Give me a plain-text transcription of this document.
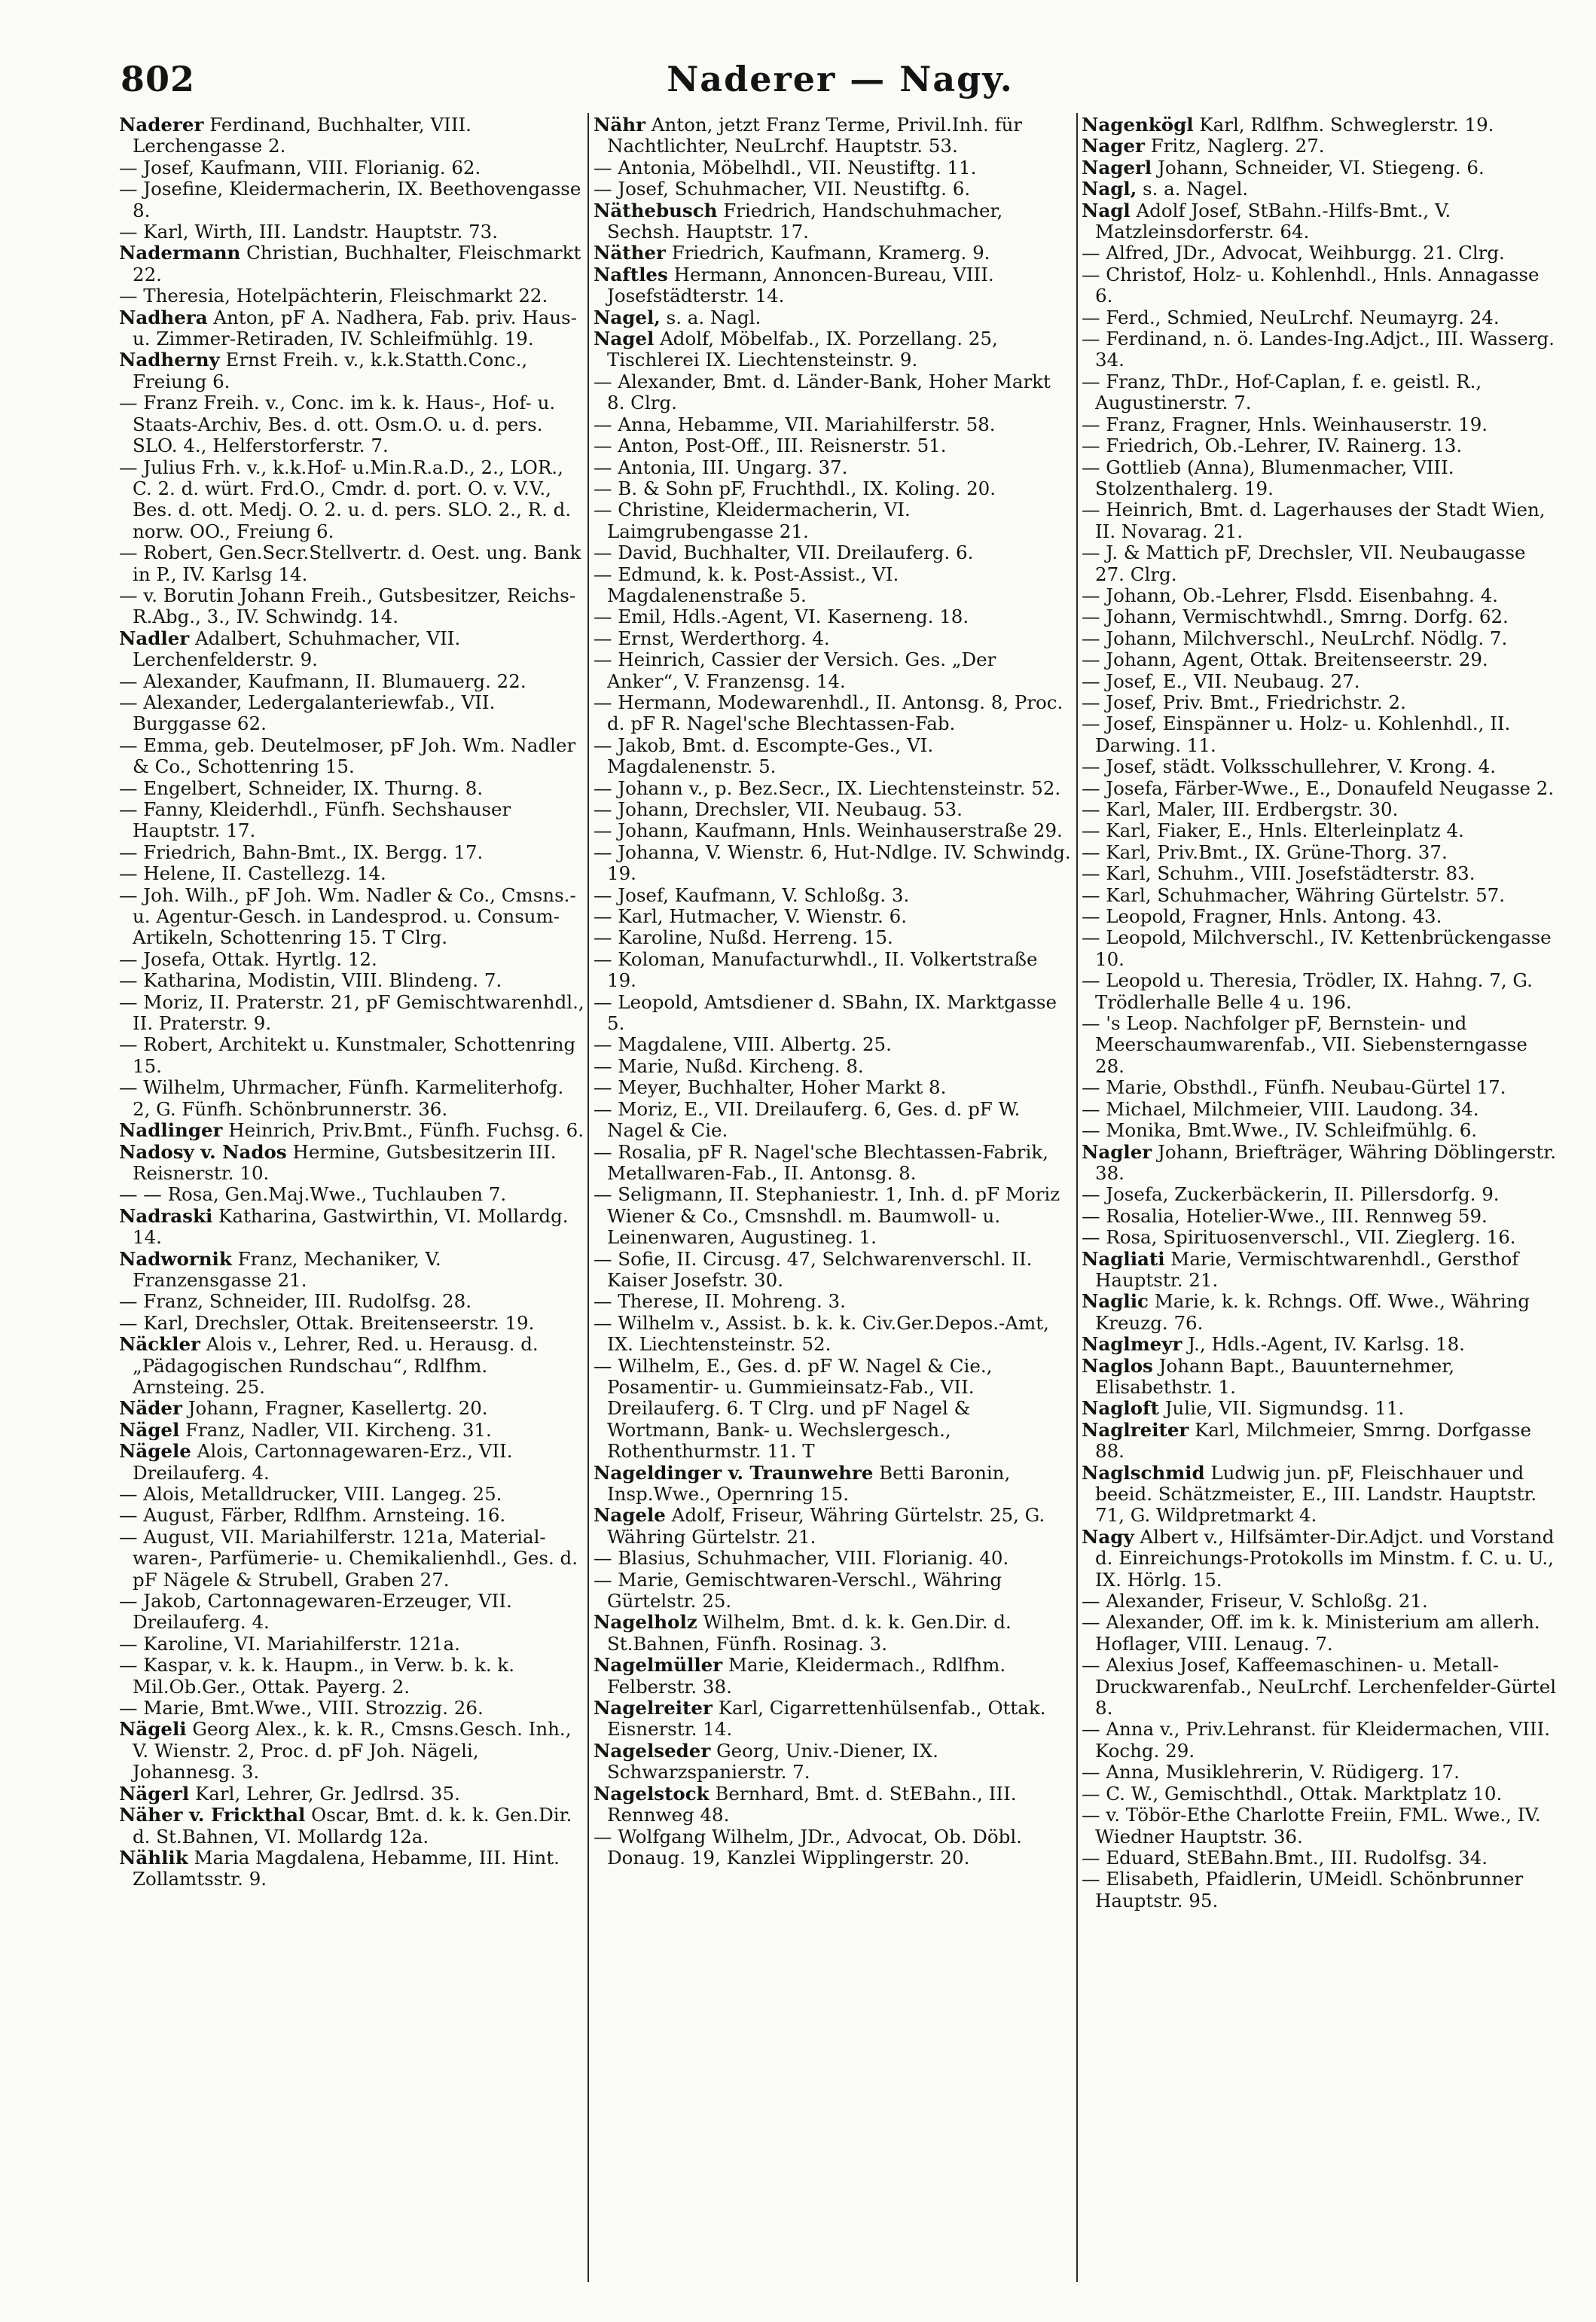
802	Naderer — Nagy.

Naderer Ferdinand, Buchhalter, VIII. Lerchengasse 2.

— Josef, Kaufmann, VIII. Florianig. 62.

— Josefine, Kleidermacherin, IX. Beethovengasse 8.

— Karl, Wirth, III. Landstr. Hauptstr. 73.

Nadermann Christian, Buchhalter, Fleischmarkt 22.

— Theresia, Hotelpächterin, Fleischmarkt 22.

Nadhera Anton, pF A. Nadhera, Fab. priv. Haus- u. Zimmer-Retiraden, IV. Schleifmühlg. 19.

Nadherny Ernst Freih. v., k.k.Statth.Conc., Freiung 6.

— Franz Freih. v., Conc. im k. k. Haus-, Hof- u. Staats-Archiv, Bes. d. ott. Osm.O. u. d. pers. SLO. 4., Helferstorferstr. 7.

— Julius Frh. v., k.k.Hof- u.Min.R.a.D., 2., LOR., C. 2. d. würt. Frd.O., Cmdr. d. port. O. v. V.V., Bes. d. ott. Medj. O. 2. u. d. pers. SLO. 2., R. d. norw. OO., Freiung 6.

— Robert, Gen.Secr.Stellvertr. d. Oest. ung. Bank in P., IV. Karlsg 14.

— v. Borutin Johann Freih., Gutsbesitzer, Reichs-R.Abg., 3., IV. Schwindg. 14.

Nadler Adalbert, Schuhmacher, VII. Lerchenfelderstr. 9.

— Alexander, Kaufmann, II. Blumauerg. 22.

— Alexander, Ledergalanteriewfab., VII. Burggasse 62.

— Emma, geb. Deutelmoser, pF Joh. Wm. Nadler & Co., Schottenring 15.

— Engelbert, Schneider, IX. Thurng. 8.

— Fanny, Kleiderhdl., Fünfh. Sechshauser Hauptstr. 17.

— Friedrich, Bahn-Bmt., IX. Bergg. 17.

— Helene, II. Castellezg. 14.

— Joh. Wilh., pF Joh. Wm. Nadler & Co., Cmsns.- u. Agentur-Gesch. in Landesprod. u. Consum-Artikeln, Schottenring 15. T Clrg.

— Josefa, Ottak. Hyrtlg. 12.

— Katharina, Modistin, VIII. Blindeng. 7.

— Moriz, II. Praterstr. 21, pF Gemischtwarenhdl., II. Praterstr. 9.

— Robert, Architekt u. Kunstmaler, Schottenring 15.

— Wilhelm, Uhrmacher, Fünfh. Karmeliterhofg. 2, G. Fünfh. Schönbrunnerstr. 36.

Nadlinger Heinrich, Priv.Bmt., Fünfh. Fuchsg. 6.

Nadosy v. Nados Hermine, Gutsbesitzerin III. Reisnerstr. 10.

— — Rosa, Gen.Maj.Wwe., Tuchlauben 7.

Nadraski Katharina, Gastwirthin, VI. Mollardg. 14.

Nadwornik Franz, Mechaniker, V. Franzensgasse 21.

— Franz, Schneider, III. Rudolfsg. 28.

— Karl, Drechsler, Ottak. Breitenseerstr. 19.

Näckler Alois v., Lehrer, Red. u. Herausg. d. „Pädagogischen Rundschau“, Rdlfhm. Arnsteing. 25.

Näder Johann, Fragner, Kasellertg. 20.

Nägel Franz, Nadler, VII. Kircheng. 31.

Nägele Alois, Cartonnagewaren-Erz., VII. Dreilauferg. 4.

— Alois, Metalldrucker, VIII. Langeg. 25.

— August, Färber, Rdlfhm. Arnsteing. 16.

— August, VII. Mariahilferstr. 121a, Material-waren-, Parfümerie- u. Chemikalienhdl., Ges. d. pF Nägele & Strubell, Graben 27.

— Jakob, Cartonnagewaren-Erzeuger, VII. Dreilauferg. 4.

— Karoline, VI. Mariahilferstr. 121a.

— Kaspar, v. k. k. Haupm., in Verw. b. k. k. Mil.Ob.Ger., Ottak. Payerg. 2.

— Marie, Bmt.Wwe., VIII. Strozzig. 26.

Nägeli Georg Alex., k. k. R., Cmsns.Gesch. Inh., V. Wienstr. 2, Proc. d. pF Joh. Nägeli, Johannesg. 3.

Nägerl Karl, Lehrer, Gr. Jedlrsd. 35.

Näher v. Frickthal Oscar, Bmt. d. k. k. Gen.Dir. d. St.Bahnen, VI. Mollardg 12a.

Nählik Maria Magdalena, Hebamme, III. Hint. Zollamtsstr. 9.

Nähr Anton, jetzt Franz Terme, Privil.Inh. für Nachtlichter, NeuLrchf. Hauptstr. 53.

— Antonia, Möbelhdl., VII. Neustiftg. 11.

— Josef, Schuhmacher, VII. Neustiftg. 6.

Näthebusch Friedrich, Handschuhmacher, Sechsh. Hauptstr. 17.

Näther Friedrich, Kaufmann, Kramerg. 9.

Naftles Hermann, Annoncen-Bureau, VIII. Josefstädterstr. 14.

Nagel, s. a. Nagl.

Nagel Adolf, Möbelfab., IX. Porzellang. 25, Tischlerei IX. Liechtensteinstr. 9.

— Alexander, Bmt. d. Länder-Bank, Hoher Markt 8. Clrg.

— Anna, Hebamme, VII. Mariahilferstr. 58.

— Anton, Post-Off., III. Reisnerstr. 51.

— Antonia, III. Ungarg. 37.

— B. & Sohn pF, Fruchthdl., IX. Koling. 20.

— Christine, Kleidermacherin, VI. Laimgrubengasse 21.

— David, Buchhalter, VII. Dreilauferg. 6.

— Edmund, k. k. Post-Assist., VI. Magdalenenstraße 5.

— Emil, Hdls.-Agent, VI. Kaserneng. 18.

— Ernst, Werderthorg. 4.

— Heinrich, Cassier der Versich. Ges. „Der Anker“, V. Franzensg. 14.

— Hermann, Modewarenhdl., II. Antonsg. 8, Proc. d. pF R. Nagel'sche Blechtassen-Fab.

— Jakob, Bmt. d. Escompte-Ges., VI. Magdalenenstr. 5.

— Johann v., p. Bez.Secr., IX. Liechtensteinstr. 52.

— Johann, Drechsler, VII. Neubaug. 53.

— Johann, Kaufmann, Hnls. Weinhauserstraße 29.

— Johanna, V. Wienstr. 6, Hut-Ndlge. IV. Schwindg. 19.

— Josef, Kaufmann, V. Schloßg. 3.

— Karl, Hutmacher, V. Wienstr. 6.

— Karoline, Nußd. Herreng. 15.

— Koloman, Manufacturwhdl., II. Volkertstraße 19.

— Leopold, Amtsdiener d. SBahn, IX. Marktgasse 5.

— Magdalene, VIII. Albertg. 25.

— Marie, Nußd. Kircheng. 8.

— Meyer, Buchhalter, Hoher Markt 8.

— Moriz, E., VII. Dreilauferg. 6, Ges. d. pF W. Nagel & Cie.

— Rosalia, pF R. Nagel'sche Blechtassen-Fabrik, Metallwaren-Fab., II. Antonsg. 8.

— Seligmann, II. Stephaniestr. 1, Inh. d. pF Moriz Wiener & Co., Cmsnshdl. m. Baumwoll- u. Leinenwaren, Augustineg. 1.

— Sofie, II. Circusg. 47, Selchwarenverschl. II. Kaiser Josefstr. 30.

— Therese, II. Mohreng. 3.

— Wilhelm v., Assist. b. k. k. Civ.Ger.Depos.-Amt, IX. Liechtensteinstr. 52.

— Wilhelm, E., Ges. d. pF W. Nagel & Cie., Posamentir- u. Gummieinsatz-Fab., VII. Dreilauferg. 6. T Clrg. und pF Nagel & Wortmann, Bank- u. Wechslergesch., Rothenthurmstr. 11. T

Nageldinger v. Traunwehre Betti Baronin, Insp.Wwe., Opernring 15.

Nagele Adolf, Friseur, Währing Gürtelstr. 25, G. Währing Gürtelstr. 21.

— Blasius, Schuhmacher, VIII. Florianig. 40.

— Marie, Gemischtwaren-Verschl., Währing Gürtelstr. 25.

Nagelholz Wilhelm, Bmt. d. k. k. Gen.Dir. d. St.Bahnen, Fünfh. Rosinag. 3.

Nagelmüller Marie, Kleidermach., Rdlfhm. Felberstr. 38.

Nagelreiter Karl, Cigarrettenhülsenfab., Ottak. Eisnerstr. 14.

Nagelseder Georg, Univ.-Diener, IX. Schwarzspanierstr. 7.

Nagelstock Bernhard, Bmt. d. StEBahn., III. Rennweg 48.

— Wolfgang Wilhelm, JDr., Advocat, Ob. Döbl. Donaug. 19, Kanzlei Wipplingerstr. 20.

Nagenkögl Karl, Rdlfhm. Schweglerstr. 19.

Nager Fritz, Naglerg. 27.

Nagerl Johann, Schneider, VI. Stiegeng. 6.

Nagl, s. a. Nagel.

Nagl Adolf Josef, StBahn.-Hilfs-Bmt., V. Matzleinsdorferstr. 64.

— Alfred, JDr., Advocat, Weihburgg. 21. Clrg.

— Christof, Holz- u. Kohlenhdl., Hnls. Annagasse 6.

— Ferd., Schmied, NeuLrchf. Neumayrg. 24.

— Ferdinand, n. ö. Landes-Ing.Adjct., III. Wasserg. 34.

— Franz, ThDr., Hof-Caplan, f. e. geistl. R., Augustinerstr. 7.

— Franz, Fragner, Hnls. Weinhauserstr. 19.

— Friedrich, Ob.-Lehrer, IV. Rainerg. 13.

— Gottlieb (Anna), Blumenmacher, VIII. Stolzenthalerg. 19.

— Heinrich, Bmt. d. Lagerhauses der Stadt Wien, II. Novarag. 21.

— J. & Mattich pF, Drechsler, VII. Neubaugasse 27. Clrg.

— Johann, Ob.-Lehrer, Flsdd. Eisenbahng. 4.

— Johann, Vermischtwhdl., Smrng. Dorfg. 62.

— Johann, Milchverschl., NeuLrchf. Nödlg. 7.

— Johann, Agent, Ottak. Breitenseerstr. 29.

— Josef, E., VII. Neubaug. 27.

— Josef, Priv. Bmt., Friedrichstr. 2.

— Josef, Einspänner u. Holz- u. Kohlenhdl., II. Darwing. 11.

— Josef, städt. Volksschullehrer, V. Krong. 4.

— Josefa, Färber-Wwe., E., Donaufeld Neugasse 2.

— Karl, Maler, III. Erdbergstr. 30.

— Karl, Fiaker, E., Hnls. Elterleinplatz 4.

— Karl, Priv.Bmt., IX. Grüne-Thorg. 37.

— Karl, Schuhm., VIII. Josefstädterstr. 83.

— Karl, Schuhmacher, Währing Gürtelstr. 57.

— Leopold, Fragner, Hnls. Antong. 43.

— Leopold, Milchverschl., IV. Kettenbrückengasse 10.

— Leopold u. Theresia, Trödler, IX. Hahng. 7, G. Trödlerhalle Belle 4 u. 196.

— 's Leop. Nachfolger pF, Bernstein- und Meerschaumwarenfab., VII. Siebensterngasse 28.

— Marie, Obsthdl., Fünfh. Neubau-Gürtel 17.

— Michael, Milchmeier, VIII. Laudong. 34.

— Monika, Bmt.Wwe., IV. Schleifmühlg. 6.

Nagler Johann, Briefträger, Währing Döblingerstr. 38.

— Josefa, Zuckerbäckerin, II. Pillersdorfg. 9.

— Rosalia, Hotelier-Wwe., III. Rennweg 59.

— Rosa, Spirituosenverschl., VII. Zieglerg. 16.

Nagliati Marie, Vermischtwarenhdl., Gersthof Hauptstr. 21.

Naglic Marie, k. k. Rchngs. Off. Wwe., Währing Kreuzg. 76.

Naglmeyr J., Hdls.-Agent, IV. Karlsg. 18.

Naglos Johann Bapt., Bauunternehmer, Elisabethstr. 1.

Nagloft Julie, VII. Sigmundsg. 11.

Naglreiter Karl, Milchmeier, Smrng. Dorfgasse 88.

Naglschmid Ludwig jun. pF, Fleischhauer und beeid. Schätzmeister, E., III. Landstr. Hauptstr. 71, G. Wildpretmarkt 4.

Nagy Albert v., Hilfsämter-Dir.Adjct. und Vorstand d. Einreichungs-Protokolls im Minstm. f. C. u. U., IX. Hörlg. 15.

— Alexander, Friseur, V. Schloßg. 21.

— Alexander, Off. im k. k. Ministerium am allerh. Hoflager, VIII. Lenaug. 7.

— Alexius Josef, Kaffeemaschinen- u. Metall-Druckwarenfab., NeuLrchf. Lerchenfelder-Gürtel 8.

— Anna v., Priv.Lehranst. für Kleidermachen, VIII. Kochg. 29.

— Anna, Musiklehrerin, V. Rüdigerg. 17.

— C. W., Gemischthdl., Ottak. Marktplatz 10.

— v. Töbör-Ethe Charlotte Freiin, FML. Wwe., IV. Wiedner Hauptstr. 36.

— Eduard, StEBahn.Bmt., III. Rudolfsg. 34.

— Elisabeth, Pfaidlerin, UMeidl. Schönbrunner Hauptstr. 95.
